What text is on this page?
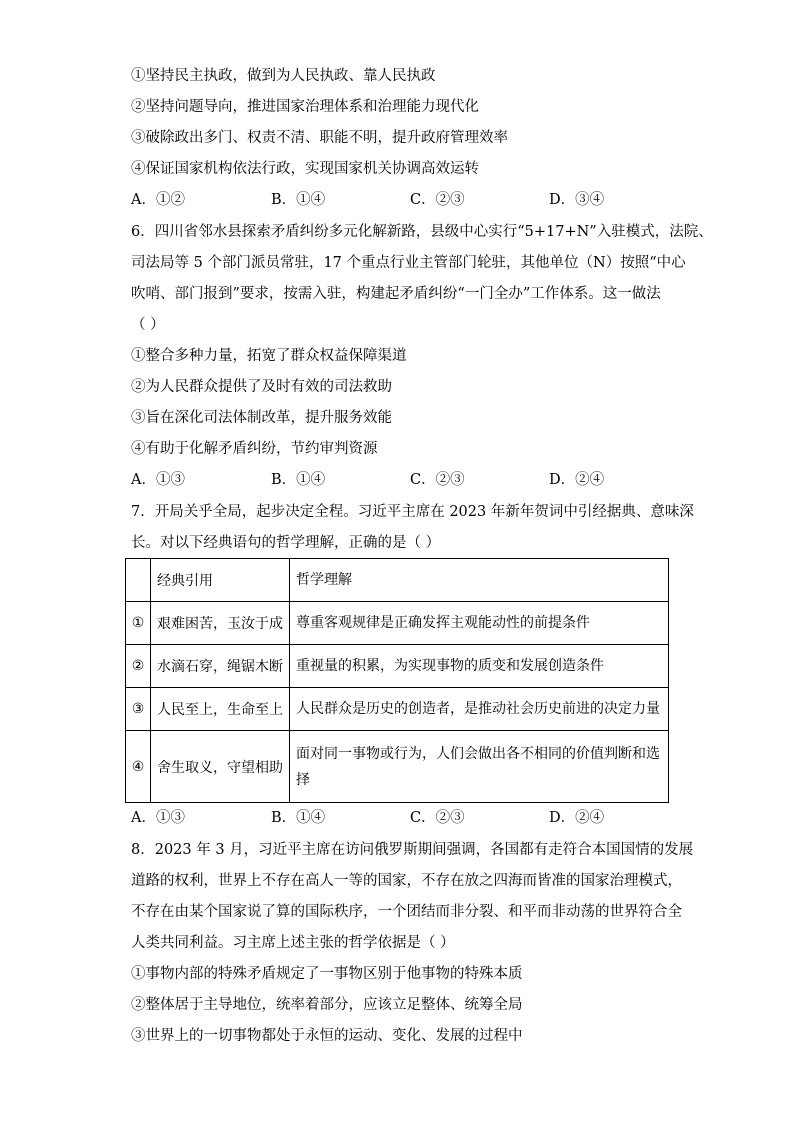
①坚持民主执政，做到为人民执政、靠人民执政
②坚持问题导向，推进国家治理体系和治理能力现代化
③破除政出多门、权责不清、职能不明，提升政府管理效率
④保证国家机构依法行政，实现国家机关协调高效运转
A．①②	B．①④	C．②③	D．③④
6．四川省邻水县探索矛盾纠纷多元化解新路，县级中心实行“5+17+N”入驻模式，法院、
司法局等 5 个部门派员常驻，17 个重点行业主管部门轮驻，其他单位（N）按照“中心
吹哨、部门报到”要求，按需入驻，构建起矛盾纠纷“一门全办”工作体系。这一做法
（ ）
①整合多种力量，拓宽了群众权益保障渠道
②为人民群众提供了及时有效的司法救助
③旨在深化司法体制改革，提升服务效能
④有助于化解矛盾纠纷，节约审判资源
A．①③	B．①④	C．②③	D．②④
7．开局关乎全局，起步决定全程。习近平主席在 2023 年新年贺词中引经据典、意味深
长。对以下经典语句的哲学理解，正确的是（ ）
	经典引用	哲学理解
①	艰难困苦，玉汝于成	尊重客观规律是正确发挥主观能动性的前提条件
②	水滴石穿，绳锯木断	重视量的积累，为实现事物的质变和发展创造条件
③	人民至上，生命至上	人民群众是历史的创造者，是推动社会历史前进的决定力量
④	舍生取义，守望相助	面对同一事物或行为，人们会做出各不相同的价值判断和选择
A．①③	B．①④	C．②③	D．②④
8．2023 年 3 月，习近平主席在访问俄罗斯期间强调，各国都有走符合本国国情的发展
道路的权利，世界上不存在高人一等的国家，不存在放之四海而皆准的国家治理模式，
不存在由某个国家说了算的国际秩序，一个团结而非分裂、和平而非动荡的世界符合全
人类共同利益。习主席上述主张的哲学依据是（ ）
①事物内部的特殊矛盾规定了一事物区别于他事物的特殊本质
②整体居于主导地位，统率着部分，应该立足整体、统筹全局
③世界上的一切事物都处于永恒的运动、变化、发展的过程中
